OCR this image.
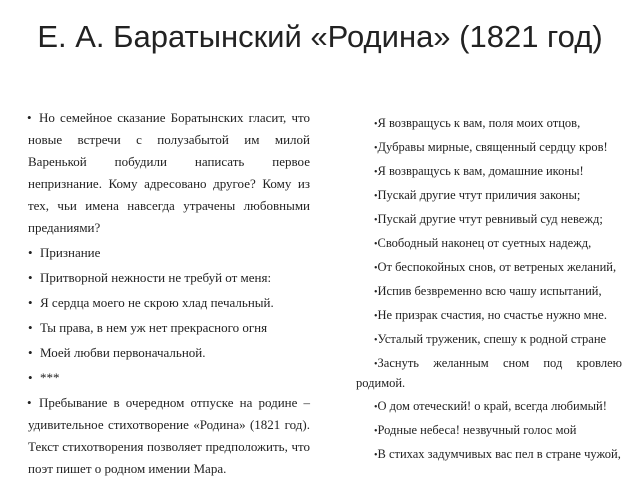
Е. А. Баратынский «Родина» (1821 год)

• Но семейное сказание Боратынских гласит, что новые встречи с полузабытой им милой Варенькой побудили написать первое непризнание. Кому адресовано другое? Кому из тех, чьи имена навсегда утрачены любовными преданиями?

• Признание

• Притворной нежности не требуй от меня:

• Я сердца моего не скрою хлад печальный.

• Ты права, в нем уж нет прекрасного огня

• Моей любви первоначальной.

• ***

• Пребывание в очередном отпуске на родине – удивительное стихотворение «Родина» (1821 год). Текст стихотворения позволяет предположить, что поэт пишет о родном имении Мара.

•Я возвращусь к вам, поля моих отцов,

•Дубравы мирные, священный сердцу кров!

•Я возвращусь к вам, домашние иконы!

•Пускай другие чтут приличия законы;

•Пускай другие чтут ревнивый суд невежд;

•Свободный наконец от суетных надежд,

•От беспокойных снов, от ветреных желаний,

•Испив безвременно всю чашу испытаний,

•Не призрак счастия, но счастье нужно мне.

•Усталый труженик, спешу к родной стране

•Заснуть желанным сном под кровлею родимой.

•О дом отеческий! о край, всегда любимый!

•Родные небеса! незвучный голос мой

•В стихах задумчивых вас пел в стране чужой,
